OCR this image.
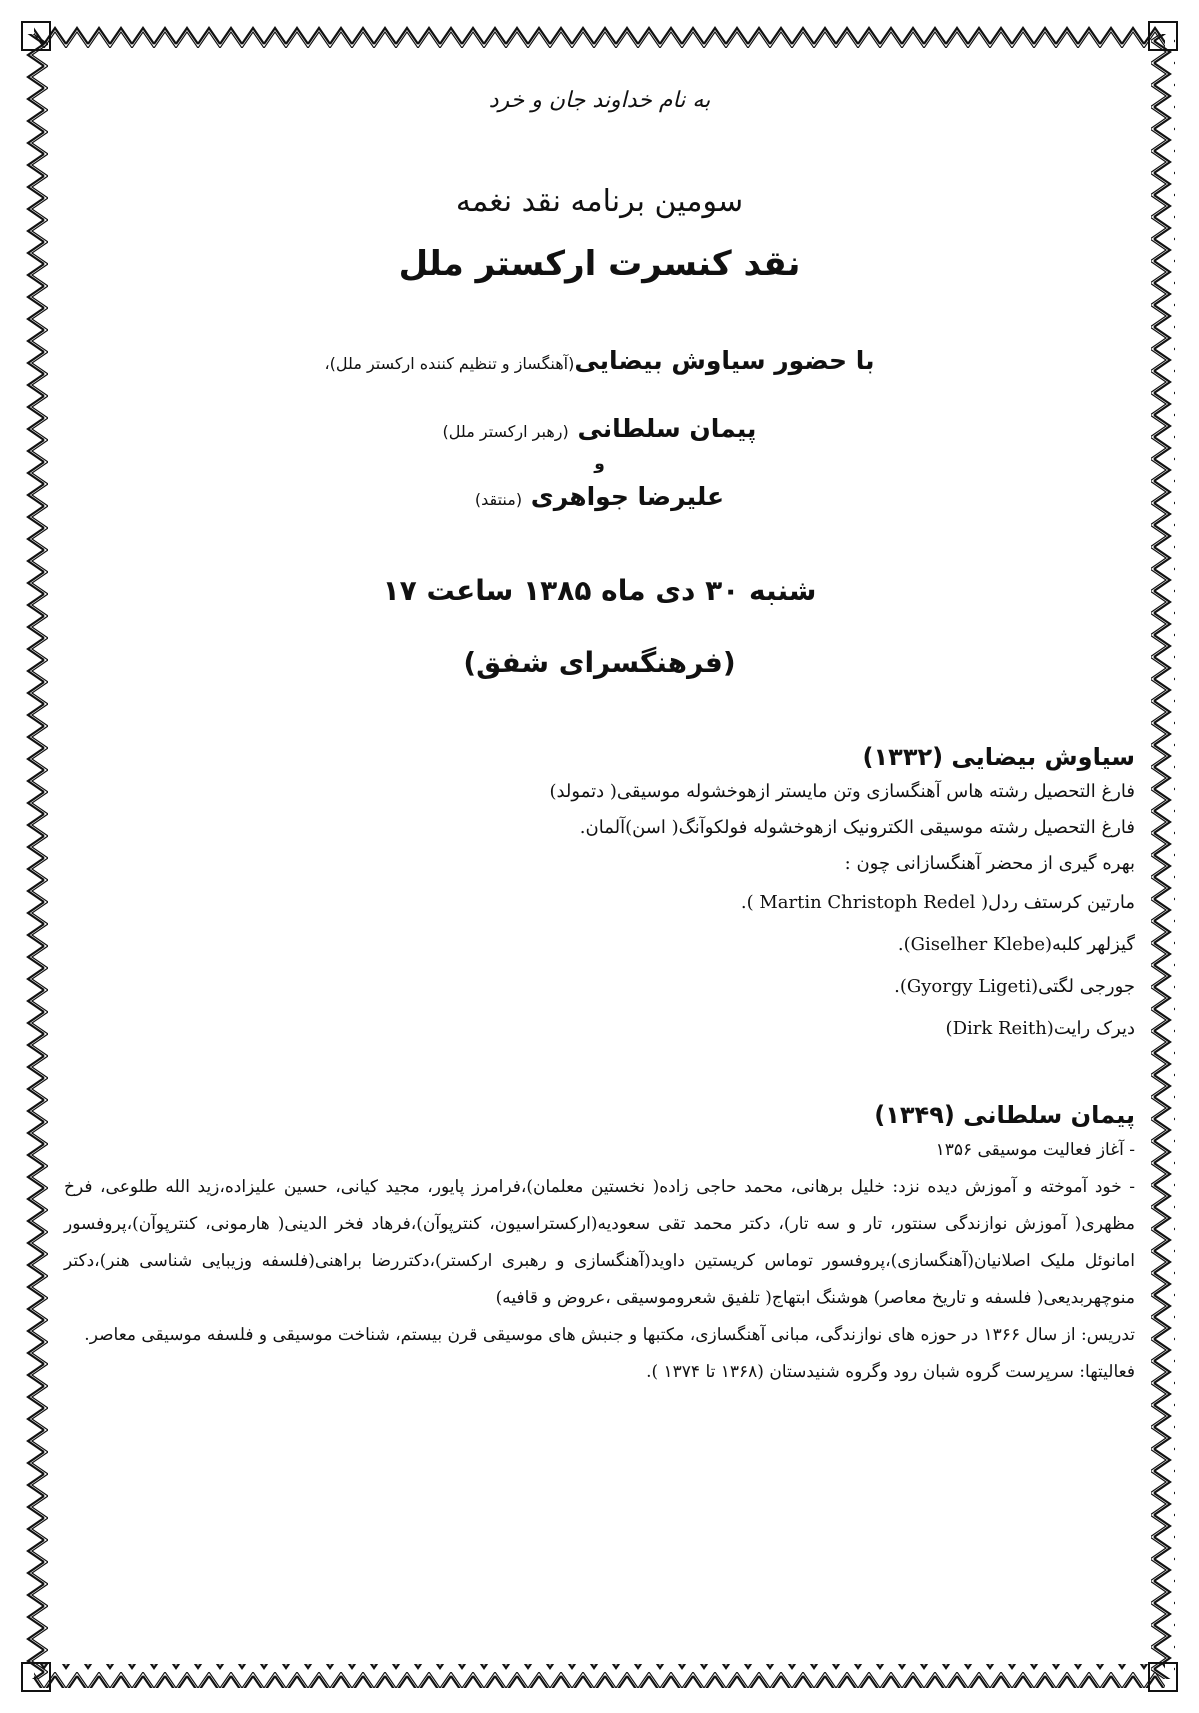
به نام خداوند جان و خرد
سومین برنامه نقد نغمه
نقد کنسرت ارکستر ملل
با حضور سیاوش بیضایی(آهنگساز و تنظیم کننده ارکستر ملل)،
پیمان سلطانی (رهبر ارکستر ملل)
و
علیرضا جواهری (منتقد)
شنبه ۳۰ دی ماه ۱۳۸۵ ساعت ۱۷
(فرهنگسرای شفق)

سیاوش بیضایی (۱۳۳۲)

فارغ التحصیل رشته هاس آهنگسازی وتن مایستر ازهوخشوله موسیقی( دتمولد)

فارغ التحصیل رشته موسیقی الکترونیک ازهوخشوله فولکوآنگ( اسن)آلمان.

بهره گیری از محضر آهنگسازانی چون :

مارتین کرستف ردل( Martin Christoph Redel ).

گیزلهر کلبه(Giselher Klebe).

جورجی لگتی(Gyorgy Ligeti).

دیرک رایت(Dirk Reith)

پیمان سلطانی (۱۳۴۹)

- آغاز فعالیت موسیقی ۱۳۵۶

- خود آموخته و آموزش دیده نزد: خلیل برهانی، محمد حاجی زاده( نخستین معلمان)،فرامرز پایور، مجید کیانی، حسین علیزاده،زید الله طلوعی، فرخ مظهری( آموزش نوازندگی سنتور، تار و سه تار)، دکتر محمد تقی سعودیه(ارکستراسیون، کنترپوآن)،فرهاد فخر الدینی( هارمونی، کنترپوآن)،پروفسور امانوئل ملیک اصلانیان(آهنگسازی)،پروفسور توماس کریستین داوید(آهنگسازی و رهبری ارکستر)،دکتررضا براهنی(فلسفه وزیبایی شناسی هنر)،دکتر منوچهربدیعی( فلسفه و تاریخ معاصر) هوشنگ ابتهاج( تلفیق شعروموسیقی ،عروض و قافیه)

تدریس: از سال ۱۳۶۶ در حوزه های نوازندگی، مبانی آهنگسازی، مکتبها و جنبش های موسیقی قرن بیستم، شناخت موسیقی و فلسفه موسیقی معاصر.

فعالیتها: سرپرست گروه شبان رود وگروه شنیدستان (۱۳۶۸ تا ۱۳۷۴ ).
